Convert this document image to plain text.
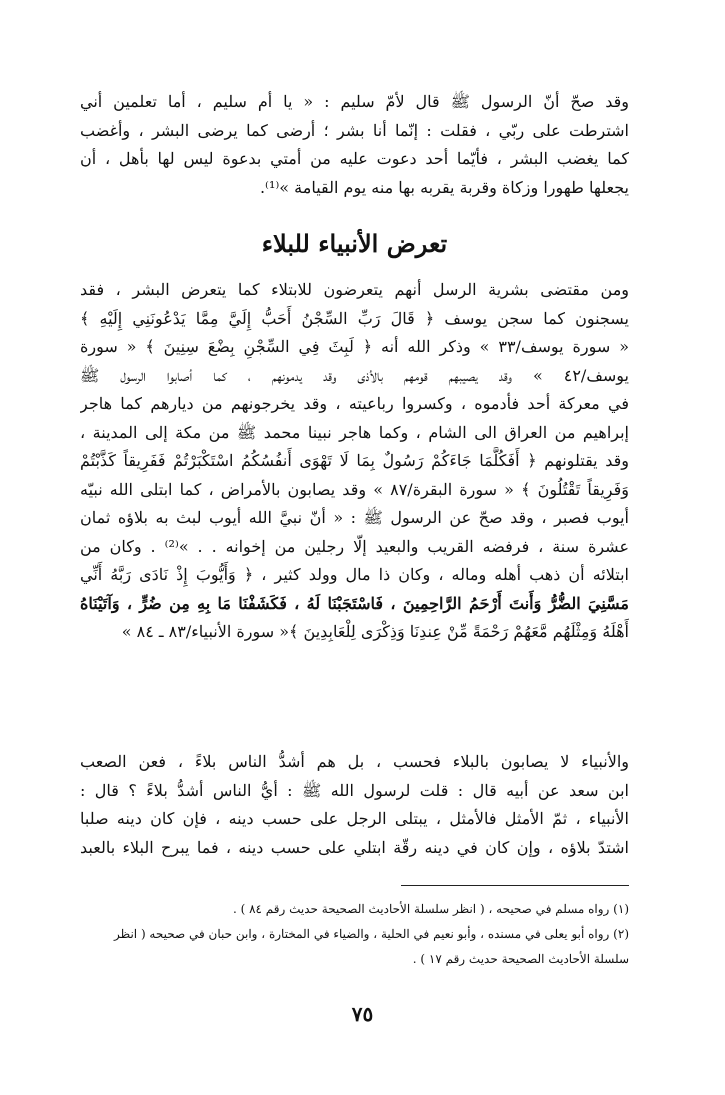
وقد صحّ أنّ الرسول ﷺ قال لأمّ سليم : « يا أم سليم ، أما تعلمين أني
اشترطت على ربّي ، فقلت : إنّما أنا بشر ؛ أرضى كما يرضى البشر ، وأغضب
كما يغضب البشر ، فأيّما أحد دعوت عليه من أمتي بدعوة ليس لها بأهل ، أن
يجعلها طهورا وزكاة وقربة يقربه بها منه يوم القيامة »⁽¹⁾.
تعرض الأنبياء للبلاء
ومن مقتضى بشرية الرسل أنهم يتعرضون للابتلاء كما يتعرض البشر ، فقد
يسجنون كما سجن يوسف ﴿ قَالَ رَبِّ السِّجْنُ أَحَبُّ إِلَيَّ مِمَّا يَدْعُونَنِي إِلَيْهِ ﴾
« سورة يوسف/٣٣ » وذكر الله أنه ﴿ لَبِثَ فِي السِّجْنِ بِضْعَ سِنِينَ ﴾ « سورة
يوسف/٤٢ » وقد يصيبهم قومهم بالأذى وقد يدمونهم ، كما أصابوا الرسول ﷺ
في معركة أحد فأدموه ، وكسروا رباعيته ، وقد يخرجونهم من ديارهم كما هاجر
إبراهيم من العراق الى الشام ، وكما هاجر نبينا محمد ﷺ من مكة إلى المدينة ،
وقد يقتلونهم ﴿ أَفَكُلَّمَا جَاءَكُمْ رَسُولٌ بِمَا لَا تَهْوَى أَنفُسُكُمُ اسْتَكْبَرْتُمْ فَفَرِيقاً كَذَّبْتُمْ
وَفَرِيقاً تَقْتُلُونَ ﴾ « سورة البقرة/٨٧ » وقد يصابون بالأمراض ، كما ابتلى الله نبيّه
أيوب فصبر ، وقد صحّ عن الرسول ﷺ : « أنّ نبيَّ الله أيوب لبث به بلاؤه ثمان
عشرة سنة ، فرفضه القريب والبعيد إلّا رجلين من إخوانه . . »⁽²⁾ . وكان من
ابتلائه أن ذهب أهله وماله ، وكان ذا مال وولد كثير ، ﴿ وَأَيُّوبَ إِذْ نَادَى رَبَّهُ أَنِّي
مَسَّنِيَ الضُّرُّ وَأَنتَ أَرْحَمُ الرَّاحِمِينَ ، فَاسْتَجَبْنَا لَهُ ، فَكَشَفْنَا مَا بِهِ مِن ضُرٍّ ، وَآتَيْنَاهُ
أَهْلَهُ وَمِثْلَهُم مَّعَهُمْ رَحْمَةً مِّنْ عِندِنَا وَذِكْرَى لِلْعَابِدِينَ ﴾« سورة الأنبياء/٨٣ ـ ٨٤ »
والأنبياء لا يصابون بالبلاء فحسب ، بل هم أشدُّ الناس بلاءً ، فعن الصعب
ابن سعد عن أبيه قال : قلت لرسول الله ﷺ : أيُّ الناس أشدُّ بلاءً ؟ قال :
الأنبياء ، ثمّ الأمثل فالأمثل ، يبتلى الرجل على حسب دينه ، فإن كان دينه صلبا
اشتدّ بلاؤه ، وإن كان في دينه رقّة ابتلي على حسب دينه ، فما يبرح البلاء بالعبد
(١) رواه مسلم في صحيحه ، ( انظر سلسلة الأحاديث الصحيحة حديث رقم ٨٤ ) .
(٢) رواه أبو يعلى في مسنده ، وأبو نعيم في الحلية ، والضياء في المختارة ، وابن حبان في صحيحه ( انظر
سلسلة الأحاديث الصحيحة حديث رقم ١٧ ) .
٧٥
